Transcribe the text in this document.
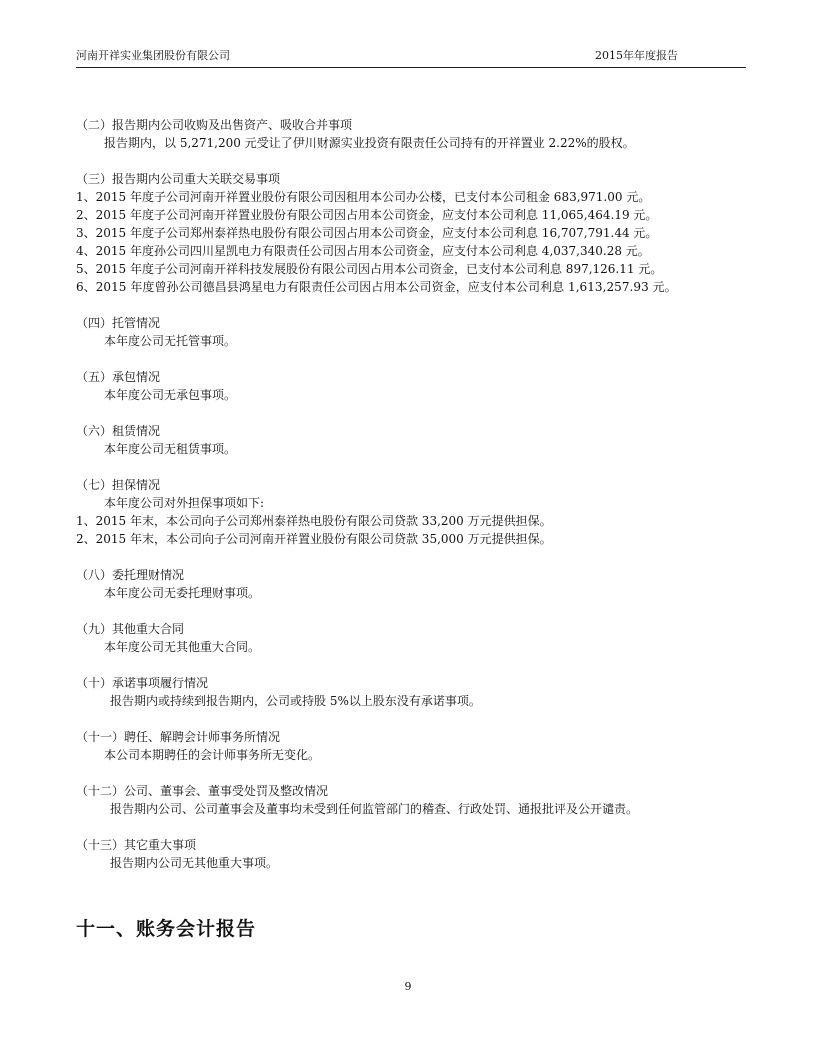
河南开祥实业集团股份有限公司	2015年年度报告

（二）报告期内公司收购及出售资产、吸收合并事项

报告期内，以 5,271,200 元受让了伊川财源实业投资有限责任公司持有的开祥置业 2.22%的股权。

（三）报告期内公司重大关联交易事项

1、2015 年度子公司河南开祥置业股份有限公司因租用本公司办公楼，已支付本公司租金 683,971.00 元。

2、2015 年度子公司河南开祥置业股份有限公司因占用本公司资金，应支付本公司利息 11,065,464.19 元。

3、2015 年度子公司郑州泰祥热电股份有限公司因占用本公司资金，应支付本公司利息 16,707,791.44 元。

4、2015 年度孙公司四川星凯电力有限责任公司因占用本公司资金，应支付本公司利息 4,037,340.28 元。

5、2015 年度子公司河南开祥科技发展股份有限公司因占用本公司资金，已支付本公司利息 897,126.11 元。

6、2015 年度曾孙公司德昌县鸿星电力有限责任公司因占用本公司资金，应支付本公司利息 1,613,257.93 元。

（四）托管情况

本年度公司无托管事项。

（五）承包情况

本年度公司无承包事项。

（六）租赁情况

本年度公司无租赁事项。

（七）担保情况

本年度公司对外担保事项如下:

1、2015 年末，本公司向子公司郑州泰祥热电股份有限公司贷款 33,200 万元提供担保。

2、2015 年末，本公司向子公司河南开祥置业股份有限公司贷款 35,000 万元提供担保。

（八）委托理财情况

本年度公司无委托理财事项。

（九）其他重大合同

本年度公司无其他重大合同。

（十）承诺事项履行情况

报告期内或持续到报告期内，公司或持股 5%以上股东没有承诺事项。

（十一）聘任、解聘会计师事务所情况

本公司本期聘任的会计师事务所无变化。

（十二）公司、董事会、董事受处罚及整改情况

报告期内公司、公司董事会及董事均未受到任何监管部门的稽查、行政处罚、通报批评及公开谴责。

（十三）其它重大事项

报告期内公司无其他重大事项。

十一、账务会计报告
9
